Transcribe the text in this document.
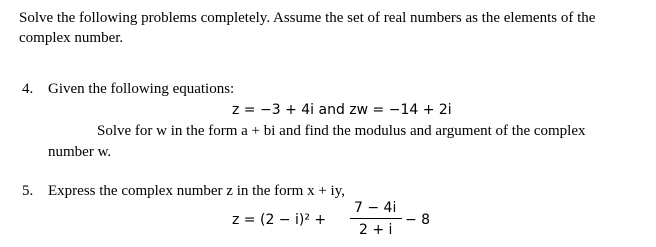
Solve the following problems completely. Assume the set of real numbers as the elements of the
complex number.
4. Given the following equations:
z = −3 + 4i and zw = −14 + 2i
Solve for w in the form a + bi and find the modulus and argument of the complex
number w.
5. Express the complex number z in the form x + iy,
z = (2 − i)² +
7 − 4i
2 + i
− 8
